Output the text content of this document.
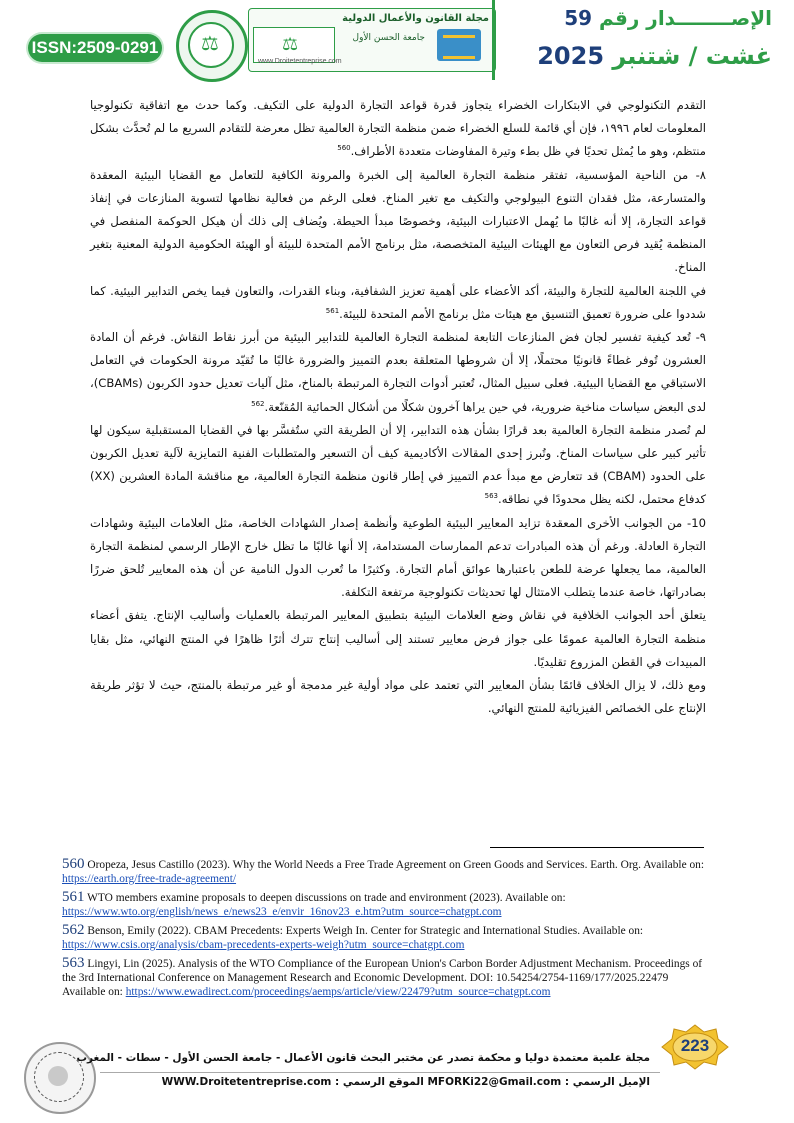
ISSN:2509-0291 ⚖
مجلة القانون والأعمال الدولية
جامعة الحسن الأول
⚖
www.Droitetentreprise.com
الإصــــــــدار رقم 59
غشت / شتنبر 2025

التقدم التكنولوجي في الابتكارات الخضراء يتجاوز قدرة قواعد التجارة الدولية على التكيف. وكما حدث مع اتفاقية تكنولوجيا المعلومات لعام ١٩٩٦، فإن أي قائمة للسلع الخضراء ضمن منظمة التجارة العالمية تظل معرضة للتقادم السريع ما لم تُحدَّث بشكل منتظم، وهو ما يُمثل تحديًا في ظل بطء وتيرة المفاوضات متعددة الأطراف.$^{560}$

٨- من الناحية المؤسسية، تفتقر منظمة التجارة العالمية إلى الخبرة والمرونة الكافية للتعامل مع القضايا البيئية المعقدة والمتسارعة، مثل فقدان التنوع البيولوجي والتكيف مع تغير المناخ. فعلى الرغم من فعالية نظامها لتسوية المنازعات في إنفاذ قواعد التجارة، إلا أنه غالبًا ما يُهمل الاعتبارات البيئية، وخصوصًا مبدأ الحيطة. ويُضاف إلى ذلك أن هيكل الحوكمة المنفصل في المنظمة يُقيد فرص التعاون مع الهيئات البيئية المتخصصة، مثل برنامج الأمم المتحدة للبيئة أو الهيئة الحكومية الدولية المعنية بتغير المناخ.

في اللجنة العالمية للتجارة والبيئة، أكد الأعضاء على أهمية تعزيز الشفافية، وبناء القدرات، والتعاون فيما يخص التدابير البيئية. كما شددوا على ضرورة تعميق التنسيق مع هيئات مثل برنامج الأمم المتحدة للبيئة.$^{561}$

٩- تُعد كيفية تفسير لجان فض المنازعات التابعة لمنظمة التجارة العالمية للتدابير البيئية من أبرز نقاط النقاش. فرغم أن المادة العشرون تُوفر غطاءً قانونيًا محتملًا، إلا أن شروطها المتعلقة بعدم التمييز والضرورة غالبًا ما تُقيّد مرونة الحكومات في التعامل الاستباقي مع القضايا البيئية. فعلى سبيل المثال، تُعتبر أدوات التجارة المرتبطة بالمناخ، مثل آليات تعديل حدود الكربون (CBAMs)، لدى البعض سياسات مناخية ضرورية، في حين يراها آخرون شكلًا من أشكال الحمائية المُقنّعة.$^{562}$

لم تُصدر منظمة التجارة العالمية بعد قرارًا بشأن هذه التدابير، إلا أن الطريقة التي ستُفسَّر بها في القضايا المستقبلية سيكون لها تأثير كبير على سياسات المناخ. وتُبرز إحدى المقالات الأكاديمية كيف أن التسعير والمتطلبات الفنية التمايزية لآلية تعديل الكربون على الحدود (CBAM) قد تتعارض مع مبدأ عدم التمييز في إطار قانون منظمة التجارة العالمية، مع مناقشة المادة العشرين (XX) كدفاع محتمل، لكنه يظل محدودًا في نطاقه.$^{563}$

10- من الجوانب الأخرى المعقدة تزايد المعايير البيئية الطوعية وأنظمة إصدار الشهادات الخاصة، مثل العلامات البيئية وشهادات التجارة العادلة. ورغم أن هذه المبادرات تدعم الممارسات المستدامة، إلا أنها غالبًا ما تظل خارج الإطار الرسمي لمنظمة التجارة العالمية، مما يجعلها عرضة للطعن باعتبارها عوائق أمام التجارة. وكثيرًا ما تُعرب الدول النامية عن أن هذه المعايير تُلحق ضررًا بصادراتها، خاصة عندما يتطلب الامتثال لها تحديثات تكنولوجية مرتفعة التكلفة.

يتعلق أحد الجوانب الخلافية في نقاش وضع العلامات البيئية بتطبيق المعايير المرتبطة بالعمليات وأساليب الإنتاج. يتفق أعضاء منظمة التجارة العالمية عمومًا على جواز فرض معايير تستند إلى أساليب إنتاج تترك أثرًا ظاهرًا في المنتج النهائي، مثل بقايا المبيدات في القطن المزروع تقليديًا.

ومع ذلك، لا يزال الخلاف قائمًا بشأن المعايير التي تعتمد على مواد أولية غير مدمجة أو غير مرتبطة بالمنتج، حيث لا تؤثر طريقة الإنتاج على الخصائص الفيزيائية للمنتج النهائي.

560 Oropeza, Jesus Castillo (2023). Why the World Needs a Free Trade Agreement on Green Goods and Services. Earth. Org. Available on: https://earth.org/free-trade-agreement/

561 WTO members examine proposals to deepen discussions on trade and environment (2023). Available on: https://www.wto.org/english/news_e/news23_e/envir_16nov23_e.htm?utm_source=chatgpt.com

562 Benson, Emily (2022). CBAM Precedents: Experts Weigh In. Center for Strategic and International Studies. Available on: https://www.csis.org/analysis/cbam-precedents-experts-weigh?utm_source=chatgpt.com

563 Lingyi, Lin (2025). Analysis of the WTO Compliance of the European Union's Carbon Border Adjustment Mechanism. Proceedings of the 3rd International Conference on Management Research and Economic Development. DOI: 10.54254/2754-1169/177/2025.22479 Available on: https://www.ewadirect.com/proceedings/aemps/article/view/22479?utm_source=chatgpt.com

223
مجلة علمية معتمدة دوليا و محكمة تصدر عن مختبر البحث قانون الأعمال - جامعة الحسن الأول - سطات - المغرب
الإميل الرسمي : MFORKi22@Gmail.com الموقع الرسمي : WWW.Droitetentreprise.com
